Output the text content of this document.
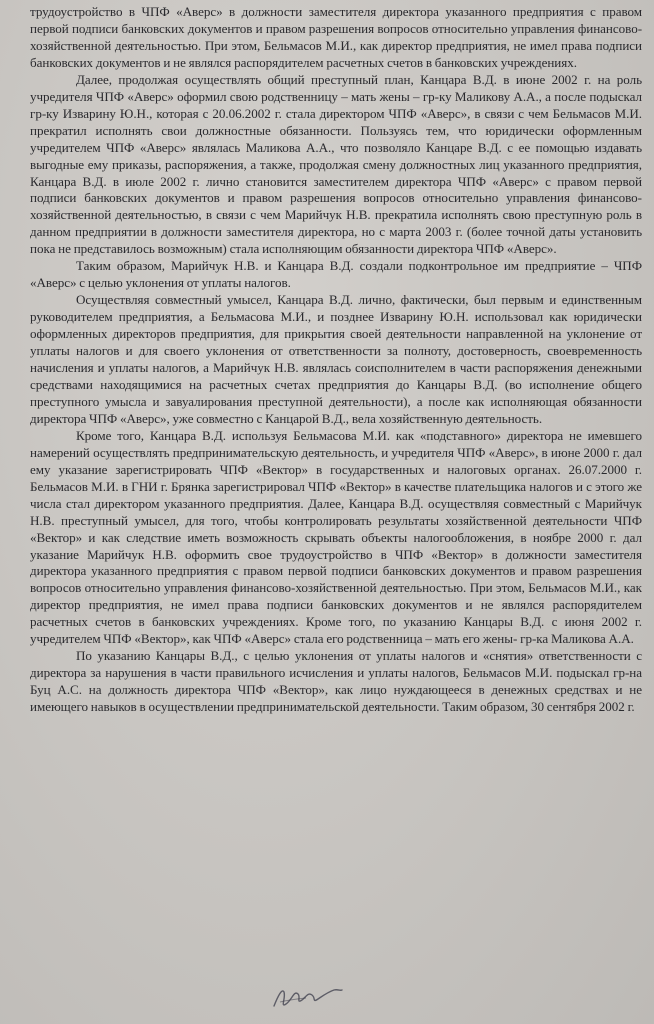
трудоустройство в ЧПФ «Аверс» в должности заместителя директора указанного предприятия с правом первой подписи банковских документов и правом разрешения вопросов относительно управления финансово-хозяйственной деятельностью. При этом, Бельмасов М.И., как директор предприятия, не имел права подписи банковских документов и не являлся распорядителем расчетных счетов в банковских учреждениях.

Далее, продолжая осуществлять общий преступный план, Канцара В.Д. в июне 2002 г. на роль учредителя ЧПФ «Аверс» оформил свою родственницу – мать жены – гр-ку Маликову А.А., а после подыскал гр-ку Изварину Ю.Н., которая с 20.06.2002 г. стала директором ЧПФ «Аверс», в связи с чем Бельмасов М.И. прекратил исполнять свои должностные обязанности. Пользуясь тем, что юридически оформленным учредителем ЧПФ «Аверс» являлась Маликова А.А., что позволяло Канцаре В.Д. с ее помощью издавать выгодные ему приказы, распоряжения, а также, продолжая смену должностных лиц указанного предприятия, Канцара В.Д. в июле 2002 г. лично становится заместителем директора ЧПФ «Аверс» с правом первой подписи банковских документов и правом разрешения вопросов относительно управления финансово-хозяйственной деятельностью, в связи с чем Марийчук Н.В. прекратила исполнять свою преступную роль в данном предприятии в должности заместителя директора, но с марта 2003 г. (более точной даты установить пока не представилось возможным) стала исполняющим обязанности директора ЧПФ «Аверс».

Таким образом, Марийчук Н.В. и Канцара В.Д. создали подконтрольное им предприятие – ЧПФ «Аверс» с целью уклонения от уплаты налогов.

Осуществляя совместный умысел, Канцара В.Д. лично, фактически, был первым и единственным руководителем предприятия, а Бельмасова М.И., и позднее Изварину Ю.Н. использовал как юридически оформленных директоров предприятия, для прикрытия своей деятельности направленной на уклонение от уплаты налогов и для своего уклонения от ответственности за полноту, достоверность, своевременность начисления и уплаты налогов, а Марийчук Н.В. являлась соисполнителем в части распоряжения денежными средствами находящимися на расчетных счетах предприятия до Канцары В.Д. (во исполнение общего преступного умысла и завуалирования преступной деятельности), а после как исполняющая обязанности директора ЧПФ «Аверс», уже совместно с Канцарой В.Д., вела хозяйственную деятельность.

Кроме того, Канцара В.Д. используя Бельмасова М.И. как «подставного» директора не имевшего намерений осуществлять предпринимательскую деятельность, и учредителя ЧПФ «Аверс», в июне 2000 г. дал ему указание зарегистрировать ЧПФ «Вектор» в государственных и налоговых органах. 26.07.2000 г. Бельмасов М.И. в ГНИ г. Брянка зарегистрировал ЧПФ «Вектор» в качестве плательщика налогов и с этого же числа стал директором указанного предприятия. Далее, Канцара В.Д. осуществляя совместный с Марийчук Н.В. преступный умысел, для того, чтобы контролировать результаты хозяйственной деятельности ЧПФ «Вектор» и как следствие иметь возможность скрывать объекты налогообложения, в ноябре 2000 г. дал указание Марийчук Н.В. оформить свое трудоустройство в ЧПФ «Вектор» в должности заместителя директора указанного предприятия с правом первой подписи банковских документов и правом разрешения вопросов относительно управления финансово-хозяйственной деятельностью. При этом, Бельмасов М.И., как директор предприятия, не имел права подписи банковских документов и не являлся распорядителем расчетных счетов в банковских учреждениях. Кроме того, по указанию Канцары В.Д. с июня 2002 г. учредителем ЧПФ «Вектор», как ЧПФ «Аверс» стала его родственница – мать его жены- гр-ка Маликова А.А.

По указанию Канцары В.Д., с целью уклонения от уплаты налогов и «снятия» ответственности с директора за нарушения в части правильного исчисления и уплаты налогов, Бельмасов М.И. подыскал гр-на Буц А.С. на должность директора ЧПФ «Вектор», как лицо нуждающееся в денежных средствах и не имеющего навыков в осуществлении предпринимательской деятельности. Таким образом, 30 сентября 2002 г.
